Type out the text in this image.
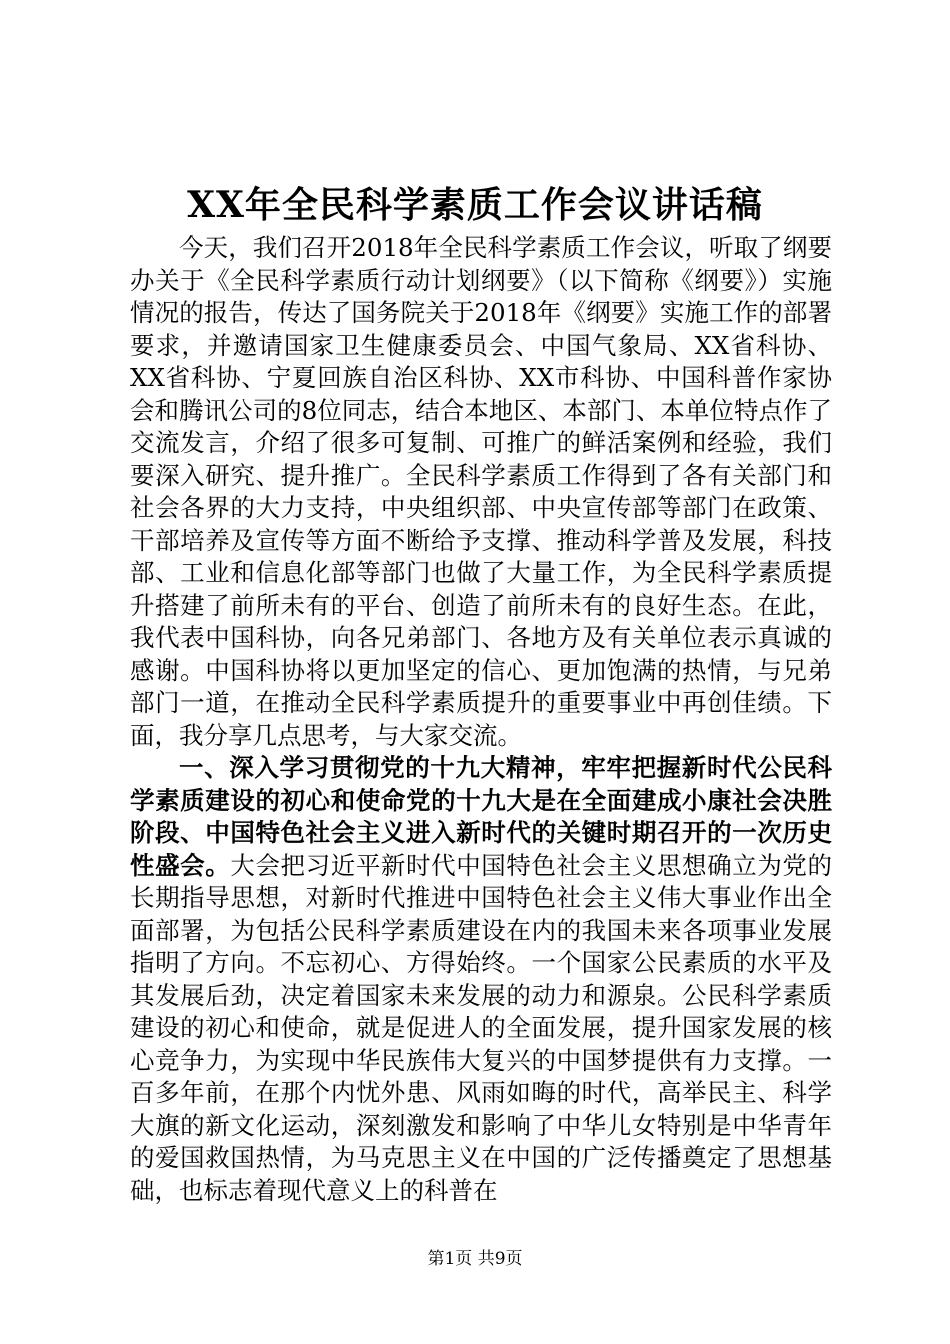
XX年全民科学素质工作会议讲话稿

今天，我们召开2018年全民科学素质工作会议，听取了纲要办关于《全民科学素质行动计划纲要》（以下简称《纲要》）实施情况的报告，传达了国务院关于2018年《纲要》实施工作的部署要求，并邀请国家卫生健康委员会、中国气象局、XX省科协、XX省科协、宁夏回族自治区科协、XX市科协、中国科普作家协会和腾讯公司的8位同志，结合本地区、本部门、本单位特点作了交流发言，介绍了很多可复制、可推广的鲜活案例和经验，我们要深入研究、提升推广。全民科学素质工作得到了各有关部门和社会各界的大力支持，中央组织部、中央宣传部等部门在政策、干部培养及宣传等方面不断给予支撑、推动科学普及发展，科技部、工业和信息化部等部门也做了大量工作，为全民科学素质提升搭建了前所未有的平台、创造了前所未有的良好生态。在此，我代表中国科协，向各兄弟部门、各地方及有关单位表示真诚的感谢。中国科协将以更加坚定的信心、更加饱满的热情，与兄弟部门一道，在推动全民科学素质提升的重要事业中再创佳绩。下面，我分享几点思考，与大家交流。

一、深入学习贯彻党的十九大精神，牢牢把握新时代公民科学素质建设的初心和使命党的十九大是在全面建成小康社会决胜阶段、中国特色社会主义进入新时代的关键时期召开的一次历史性盛会。大会把习近平新时代中国特色社会主义思想确立为党的长期指导思想，对新时代推进中国特色社会主义伟大事业作出全面部署，为包括公民科学素质建设在内的我国未来各项事业发展指明了方向。不忘初心、方得始终。一个国家公民素质的水平及其发展后劲，决定着国家未来发展的动力和源泉。公民科学素质建设的初心和使命，就是促进人的全面发展，提升国家发展的核心竞争力，为实现中华民族伟大复兴的中国梦提供有力支撑。一百多年前，在那个内忧外患、风雨如晦的时代，高举民主、科学大旗的新文化运动，深刻激发和影响了中华儿女特别是中华青年的爱国救国热情，为马克思主义在中国的广泛传播奠定了思想基础，也标志着现代意义上的科普在

第1页 共9页
